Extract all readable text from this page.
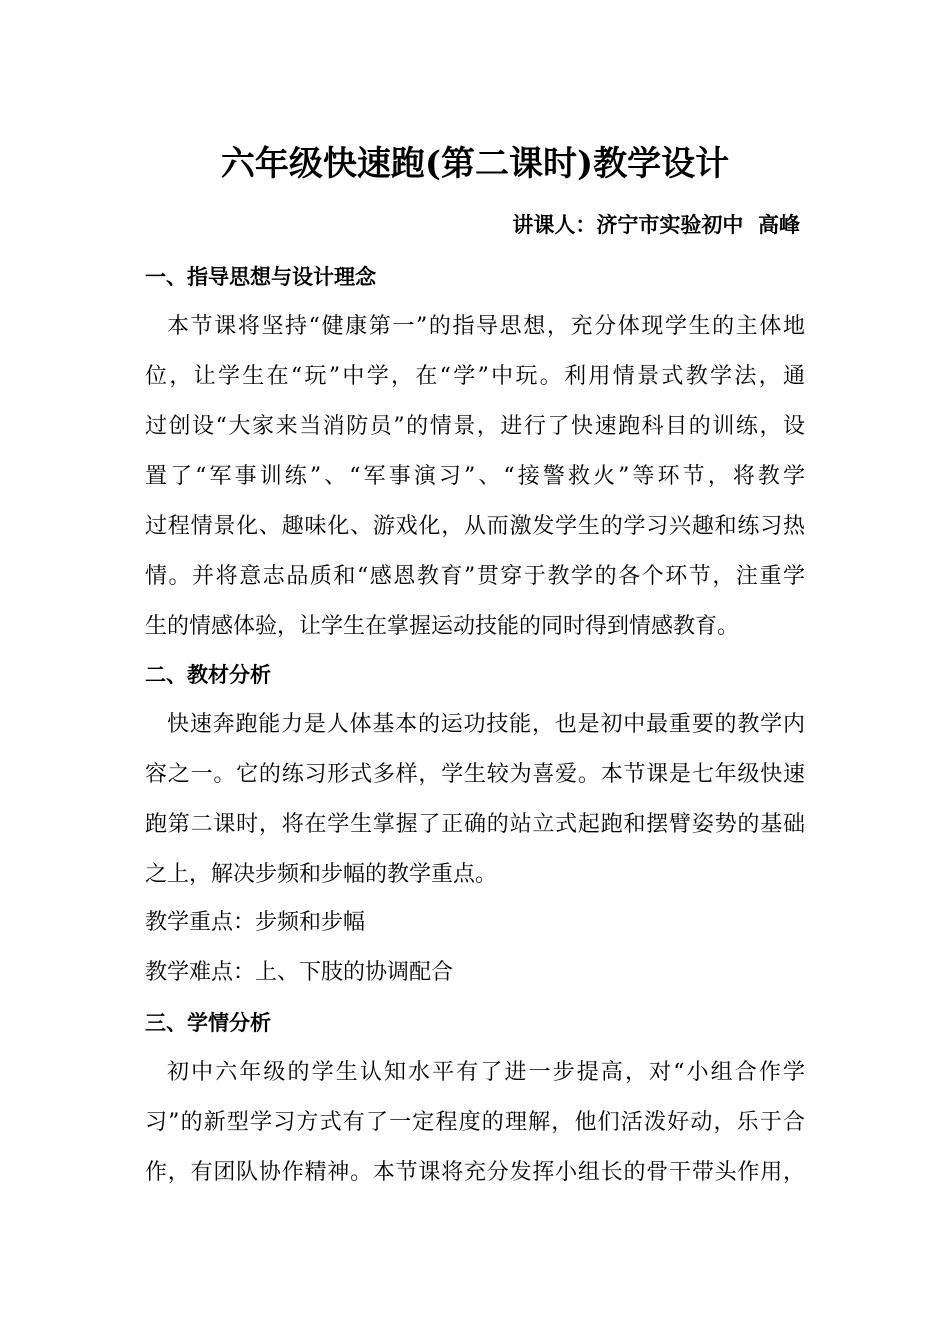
六年级快速跑(第二课时)教学设计
讲课人：济宁市实验初中  高峰
一、指导思想与设计理念
本节课将坚持“健康第一”的指导思想，充分体现学生的主体地
位，让学生在“玩”中学，在“学”中玩。利用情景式教学法，通
过创设“大家来当消防员”的情景，进行了快速跑科目的训练，设
置了“军事训练”、“军事演习”、“接警救火”等环节，将教学
过程情景化、趣味化、游戏化，从而激发学生的学习兴趣和练习热
情。并将意志品质和“感恩教育”贯穿于教学的各个环节，注重学
生的情感体验，让学生在掌握运动技能的同时得到情感教育。
二、教材分析
快速奔跑能力是人体基本的运功技能，也是初中最重要的教学内
容之一。它的练习形式多样，学生较为喜爱。本节课是七年级快速
跑第二课时，将在学生掌握了正确的站立式起跑和摆臂姿势的基础
之上，解决步频和步幅的教学重点。
教学重点：步频和步幅
教学难点：上、下肢的协调配合
三、学情分析
初中六年级的学生认知水平有了进一步提高，对“小组合作学
习”的新型学习方式有了一定程度的理解，他们活泼好动，乐于合
作，有团队协作精神。本节课将充分发挥小组长的骨干带头作用，
